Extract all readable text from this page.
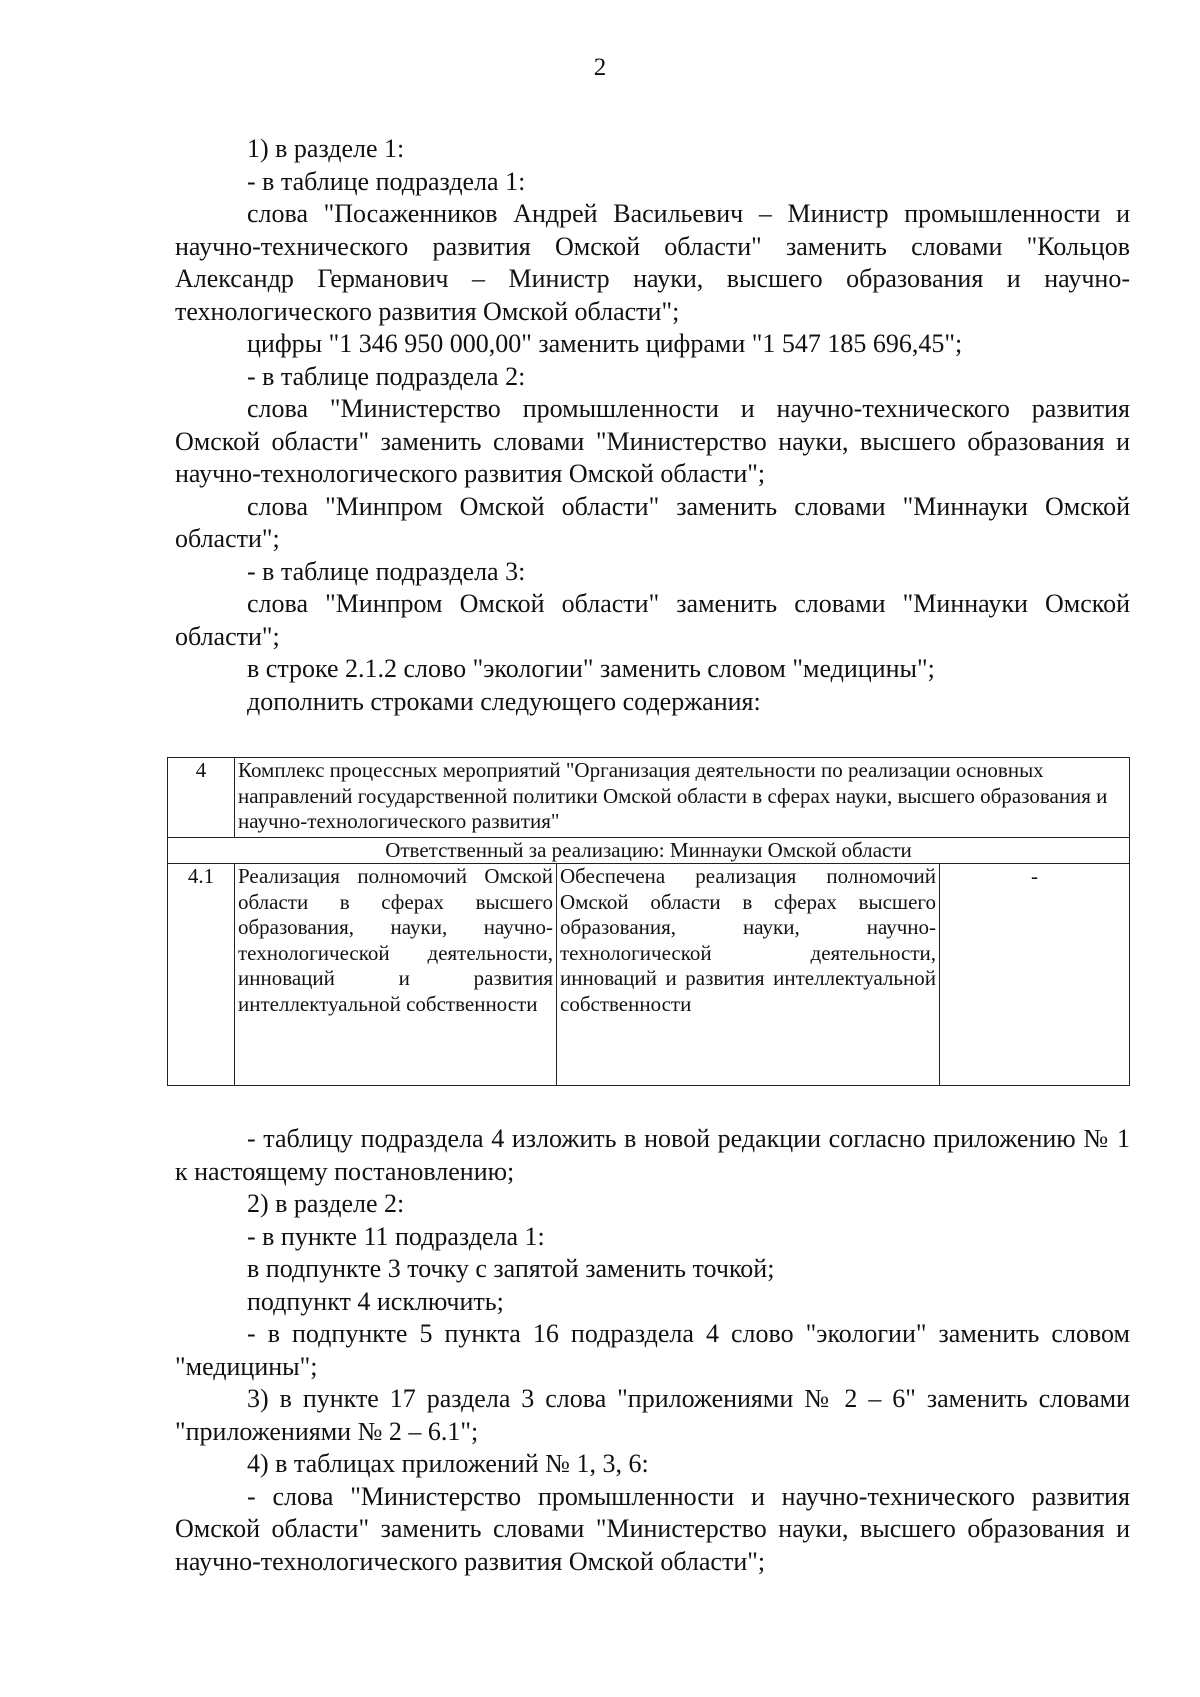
2

1) в разделе 1:

- в таблице подраздела 1:

слова "Посаженников Андрей Васильевич – Министр промышленности и научно-технического развития Омской области" заменить словами "Кольцов Александр Германович – Министр науки, высшего образования и научно-технологического развития Омской области";

цифры "1 346 950 000,00" заменить цифрами "1 547 185 696,45";

- в таблице подраздела 2:

слова "Министерство промышленности и научно-технического развития Омской области" заменить словами "Министерство науки, высшего образования и научно-технологического развития Омской области";

слова "Минпром Омской области" заменить словами "Миннауки Омской области";

- в таблице подраздела 3:

слова "Минпром Омской области" заменить словами "Миннауки Омской области";

в строке 2.1.2 слово "экологии" заменить словом "медицины";

дополнить строками следующего содержания:

4	Комплекс процессных мероприятий "Организация деятельности по реализации основных направлений государственной политики Омской области в сферах науки, высшего образования и научно-технологического развития"		
Ответственный за реализацию: Миннауки Омской области			
4.1	Реализация полномочий Омской области в сферах высшего образования, науки, научно-технологической деятельности, инноваций и развития интеллектуальной собственности	Обеспечена реализация полномочий Омской области в сферах высшего образования, науки, научно-технологической деятельности, инноваций и развития интеллектуальной собственности	-

- таблицу подраздела 4 изложить в новой редакции согласно приложению № 1 к настоящему постановлению;

2) в разделе 2:

- в пункте 11 подраздела 1:

в подпункте 3 точку с запятой заменить точкой;

подпункт 4 исключить;

- в подпункте 5 пункта 16 подраздела 4 слово "экологии" заменить словом "медицины";

3) в пункте 17 раздела 3 слова "приложениями № 2 – 6" заменить словами "приложениями № 2 – 6.1";

4) в таблицах приложений № 1, 3, 6:

- слова "Министерство промышленности и научно-технического развития Омской области" заменить словами "Министерство науки, высшего образования и научно-технологического развития Омской области";
